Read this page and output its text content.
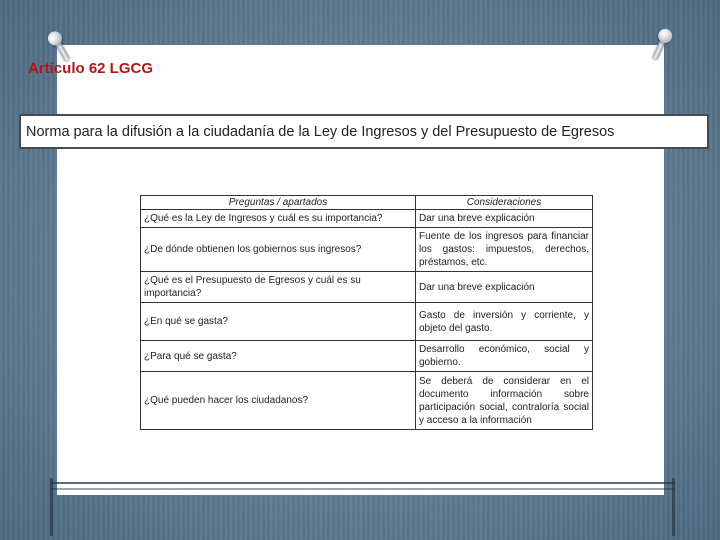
Artículo 62 LGCG
Norma para la difusión a la ciudadanía de la Ley de Ingresos y del Presupuesto de Egresos
Preguntas / apartados	Consideraciones
¿Qué es la Ley de Ingresos y cuál es su importancia?	Dar una breve explicación
¿De dónde obtienen los gobiernos sus ingresos?	Fuente de los ingresos para financiar los gastos: impuestos, derechos, préstamos, etc.
¿Qué es el Presupuesto de Egresos y cuál es su importancia?	Dar una breve explicación
¿En qué se gasta?	Gasto de inversión y corriente, y objeto del gasto.
¿Para qué se gasta?	Desarrollo económico, social y gobierno.
¿Qué pueden hacer los ciudadanos?	Se deberá de considerar en el documento información sobre participación social, contraloría social y acceso a la información
